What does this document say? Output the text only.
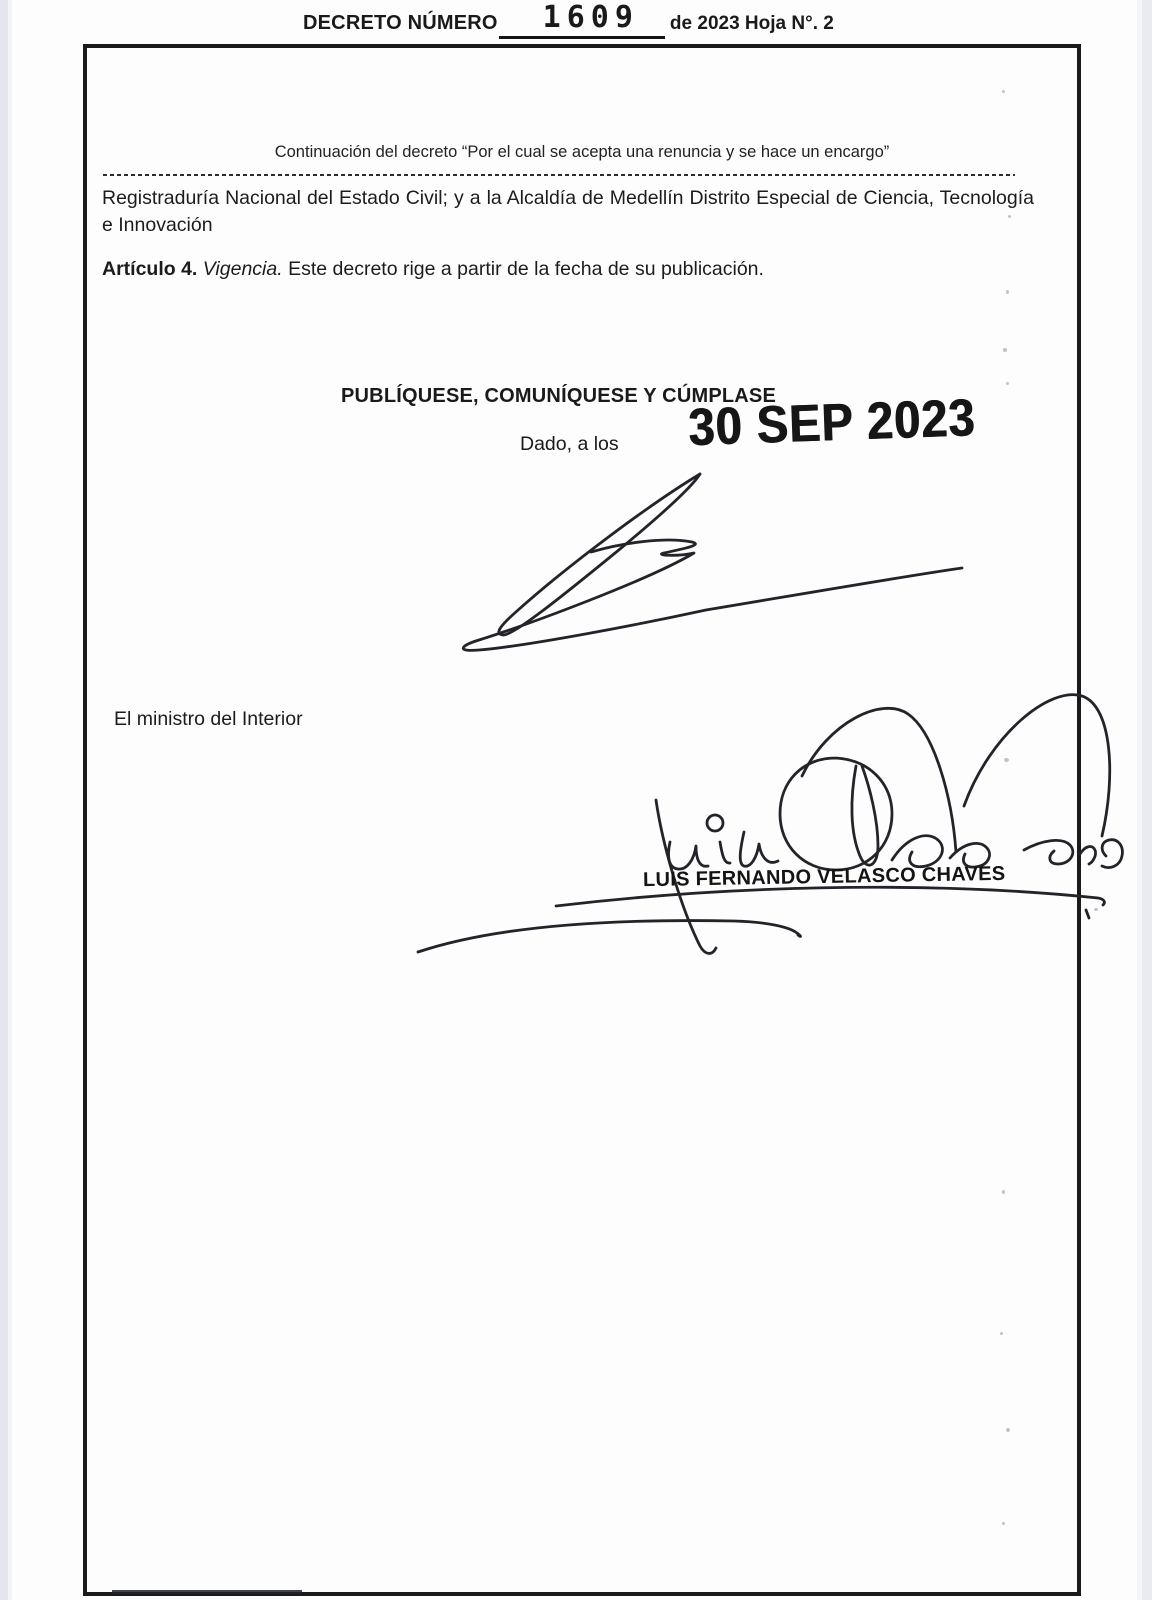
DECRETO NÚMERO	1609	de 2023 Hoja N°. 2
Continuación del decreto “Por el cual se acepta una renuncia y se hace un encargo”
Registraduría Nacional del Estado Civil; y a la Alcaldía de Medellín Distrito Especial de Ciencia, Tecnología e Innovación
Artículo 4. Vigencia. Este decreto rige a partir de la fecha de su publicación.
PUBLÍQUESE, COMUNÍQUESE Y CÚMPLASE
Dado, a los 30 SEP 2023
El ministro del Interior
LUIS FERNANDO VELASCO CHAVES
